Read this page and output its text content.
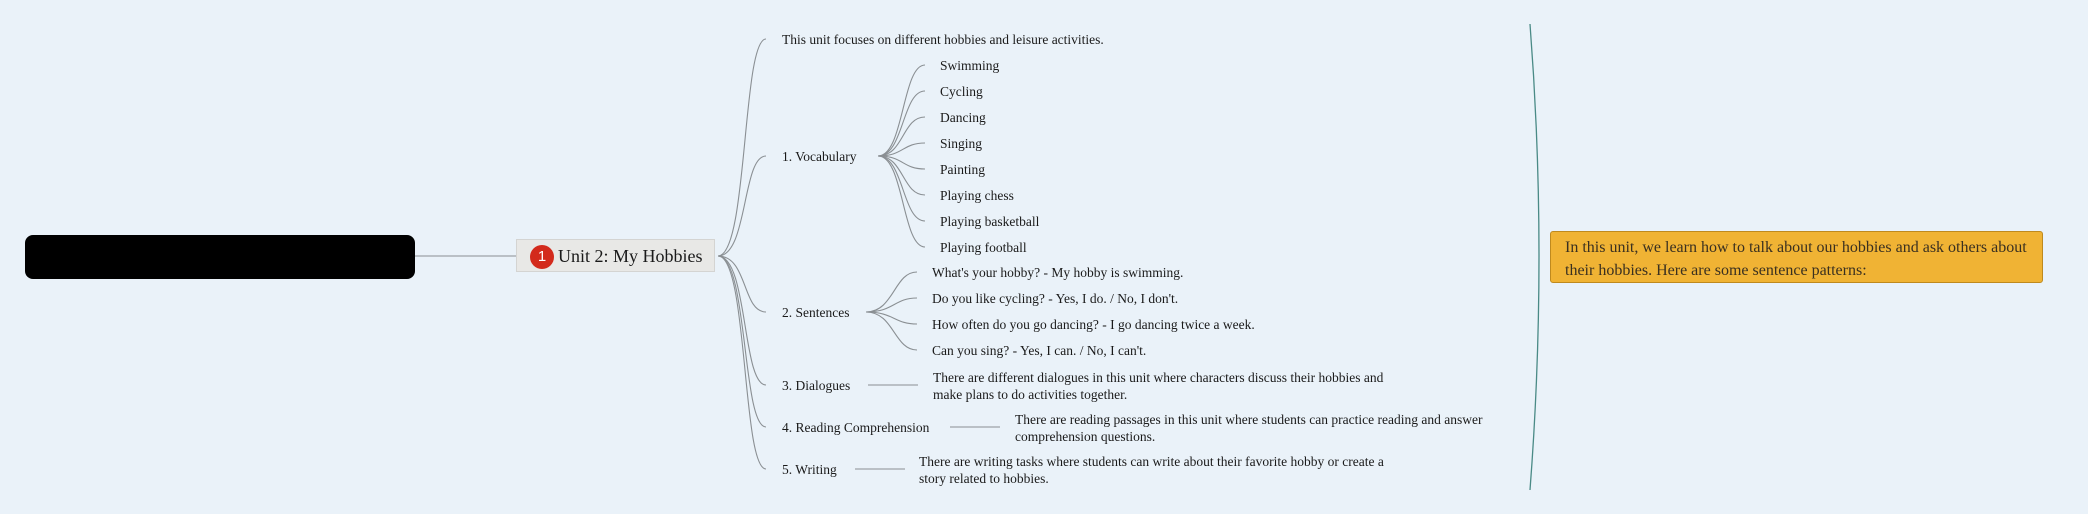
1 Unit 2: My Hobbies
This unit focuses on different hobbies and leisure activities.
1. Vocabulary
Swimming
Cycling
Dancing
Singing
Painting
Playing chess
Playing basketball
Playing football
2. Sentences
What's your hobby? - My hobby is swimming.
Do you like cycling? - Yes, I do. / No, I don't.
How often do you go dancing? - I go dancing twice a week.
Can you sing? - Yes, I can. / No, I can't.
3. Dialogues
There are different dialogues in this unit where characters discuss their hobbies and make plans to do activities together.
4. Reading Comprehension
There are reading passages in this unit where students can practice reading and answer comprehension questions.
5. Writing
There are writing tasks where students can write about their favorite hobby or create a story related to hobbies.
In this unit, we learn how to talk about our hobbies and ask others about their hobbies. Here are some sentence patterns:
